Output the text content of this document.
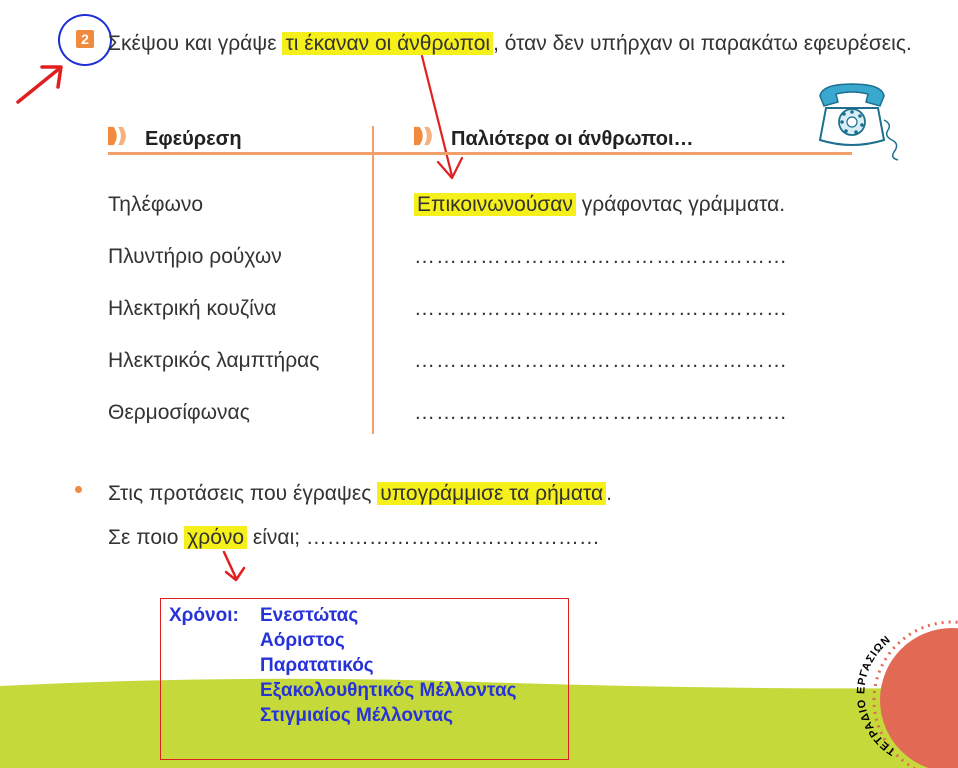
2 Σκέψου και γράψε τι έκαναν οι άνθρωποι , όταν δεν υπήρχαν οι παρακάτω εφευρέσεις.
Εφεύρεση	Παλιότερα οι άνθρωποι…
Τηλέφωνο	Επικοινωνούσαν γράφοντας γράμματα.
Πλυντήριο ρούχων	……………………………………………
Ηλεκτρική κουζίνα	……………………………………………
Ηλεκτρικός λαμπτήρας	……………………………………………
Θερμοσίφωνας	……………………………………………
Στις προτάσεις που έγραψες υπογράμμισε τα ρήματα .
Σε ποιο χρόνο είναι; ……………………………………
Χρόνοι: Ενεστώτας
Αόριστος
Παρατατικός
Εξακολουθητικός Μέλλοντας
Στιγμιαίος Μέλλοντας
ΤΕΤΡΑΔΙΟ ΕΡΓΑΣΙΩΝ
